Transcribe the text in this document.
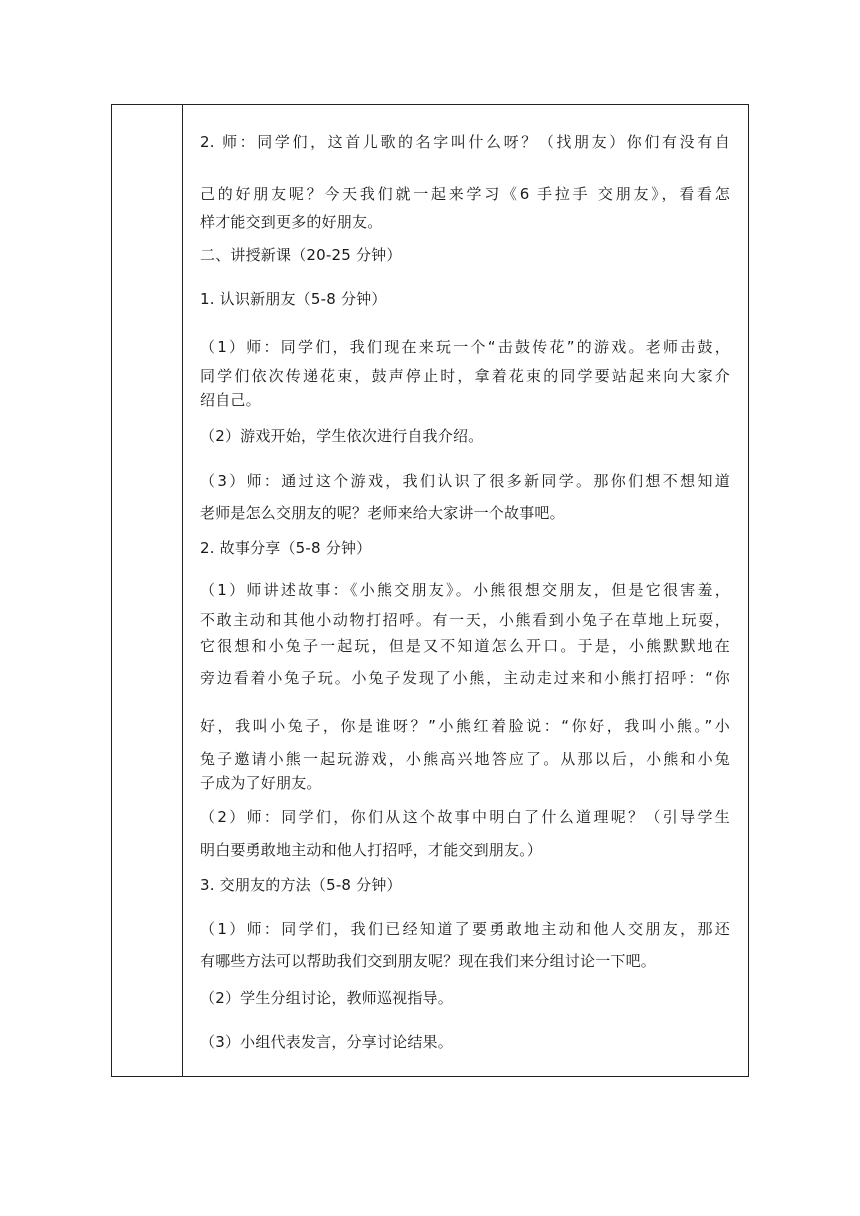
2. 师：同学们，这首儿歌的名字叫什么呀？（找朋友）你们有没有自
己的好朋友呢？今天我们就一起来学习《6 手拉手 交朋友》，看看怎
样才能交到更多的好朋友。
二、讲授新课（20-25 分钟）
1. 认识新朋友（5-8 分钟）
（1）师：同学们，我们现在来玩一个“击鼓传花”的游戏。老师击鼓，
同学们依次传递花束，鼓声停止时，拿着花束的同学要站起来向大家介
绍自己。
（2）游戏开始，学生依次进行自我介绍。
（3）师：通过这个游戏，我们认识了很多新同学。那你们想不想知道
老师是怎么交朋友的呢？老师来给大家讲一个故事吧。
2. 故事分享（5-8 分钟）
（1）师讲述故事：《小熊交朋友》。小熊很想交朋友，但是它很害羞，
不敢主动和其他小动物打招呼。有一天，小熊看到小兔子在草地上玩耍，
它很想和小兔子一起玩，但是又不知道怎么开口。于是，小熊默默地在
旁边看着小兔子玩。小兔子发现了小熊，主动走过来和小熊打招呼：“你
好，我叫小兔子，你是谁呀？”小熊红着脸说：“你好，我叫小熊。”小
兔子邀请小熊一起玩游戏，小熊高兴地答应了。从那以后，小熊和小兔
子成为了好朋友。
（2）师：同学们，你们从这个故事中明白了什么道理呢？（引导学生
明白要勇敢地主动和他人打招呼，才能交到朋友。）
3. 交朋友的方法（5-8 分钟）
（1）师：同学们，我们已经知道了要勇敢地主动和他人交朋友，那还
有哪些方法可以帮助我们交到朋友呢？现在我们来分组讨论一下吧。
（2）学生分组讨论，教师巡视指导。
（3）小组代表发言，分享讨论结果。
